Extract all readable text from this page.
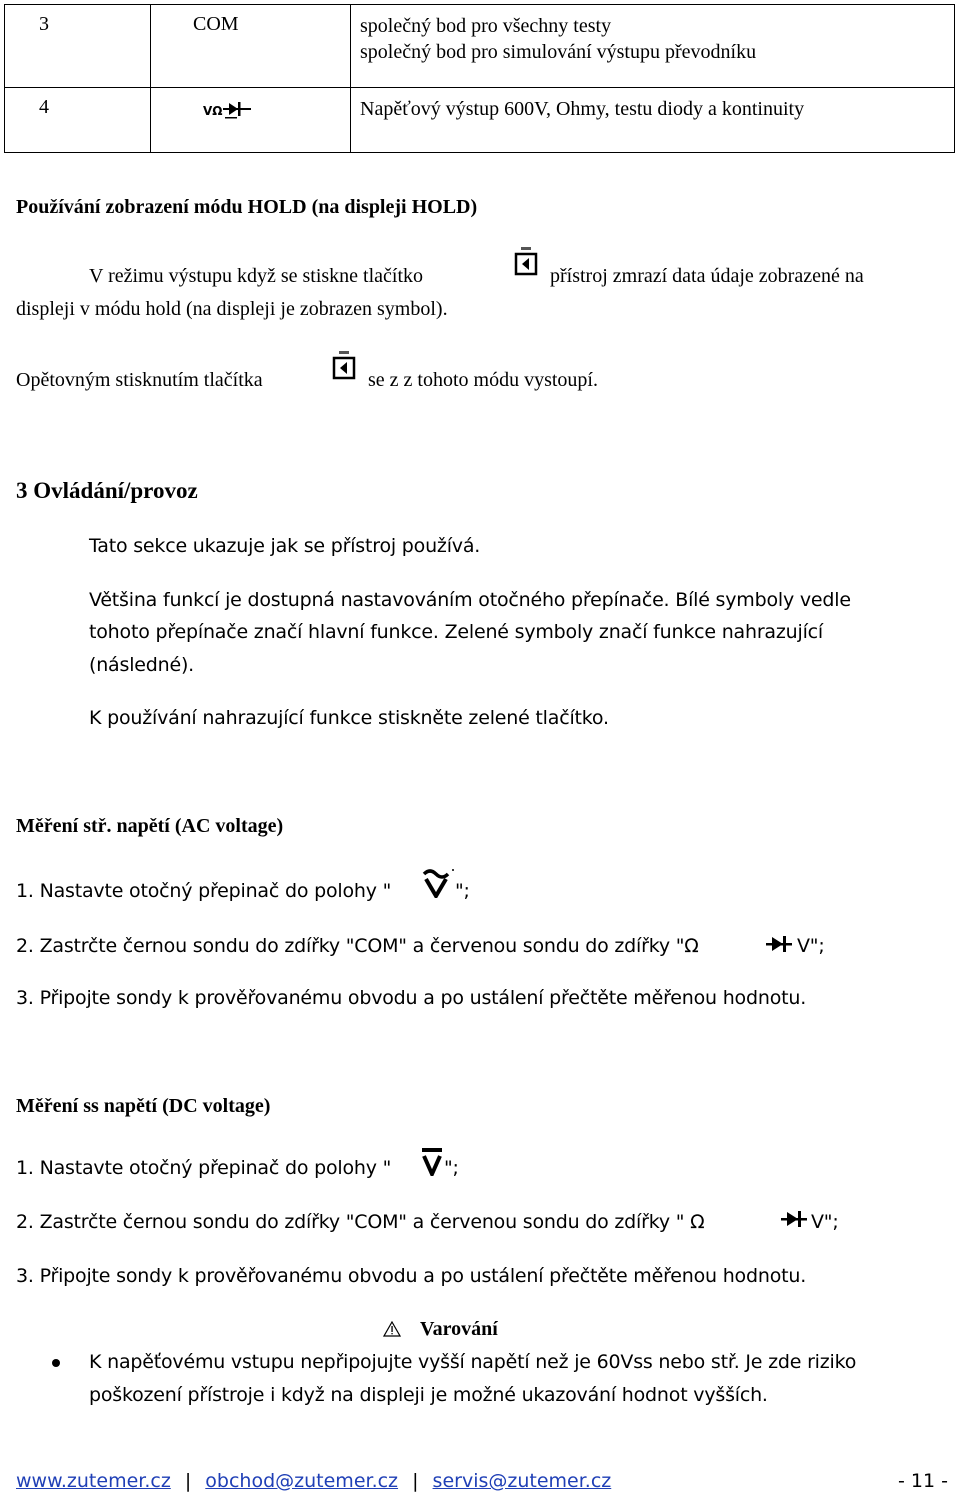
3	COM	společný bod pro všechny testy
společný bod pro simulování výstupu převodníku

4	VΩ	Napěťový výstup 600V, Ohmy, testu diody a kontinuity
Používání zobrazení módu HOLD (na displeji HOLD)
V režimu výstupu když se stiskne tlačítko	přístroj zmrazí data údaje zobrazené na
displeji v módu hold (na displeji je zobrazen symbol).
Opětovným stisknutím tlačítka	se z z tohoto módu vystoupí.
3 Ovládání/provoz
Tato sekce ukazuje jak se přístroj používá.
Většina funkcí je dostupná nastavováním otočného přepínače. Bílé symboly vedle
tohoto přepínače značí hlavní funkce. Zelené symboly značí funkce nahrazující
(následné).
K používání nahrazující funkce stiskněte zelené tlačítko.
Měření stř. napětí (AC voltage)
1. Nastavte otočný přepinač do polohy "	";
2. Zastrčte černou sondu do zdířky "COM" a červenou sondu do zdířky "Ω	V";
3. Připojte sondy k prověřovanému obvodu a po ustálení přečtěte měřenou hodnotu.
Měření ss napětí (DC voltage)
1. Nastavte otočný přepinač do polohy "	";
2. Zastrčte černou sondu do zdířky "COM" a červenou sondu do zdířky " Ω	V";
3. Připojte sondy k prověřovanému obvodu a po ustálení přečtěte měřenou hodnotu.
Varování
K napěťovému vstupu nepřipojujte vyšší napětí než je 60Vss nebo stř. Je zde riziko
poškození přístroje i když na displeji je možné ukazování hodnot vyšších.
www.zutemer.cz | obchod@zutemer.cz | servis@zutemer.cz	- 11 -
